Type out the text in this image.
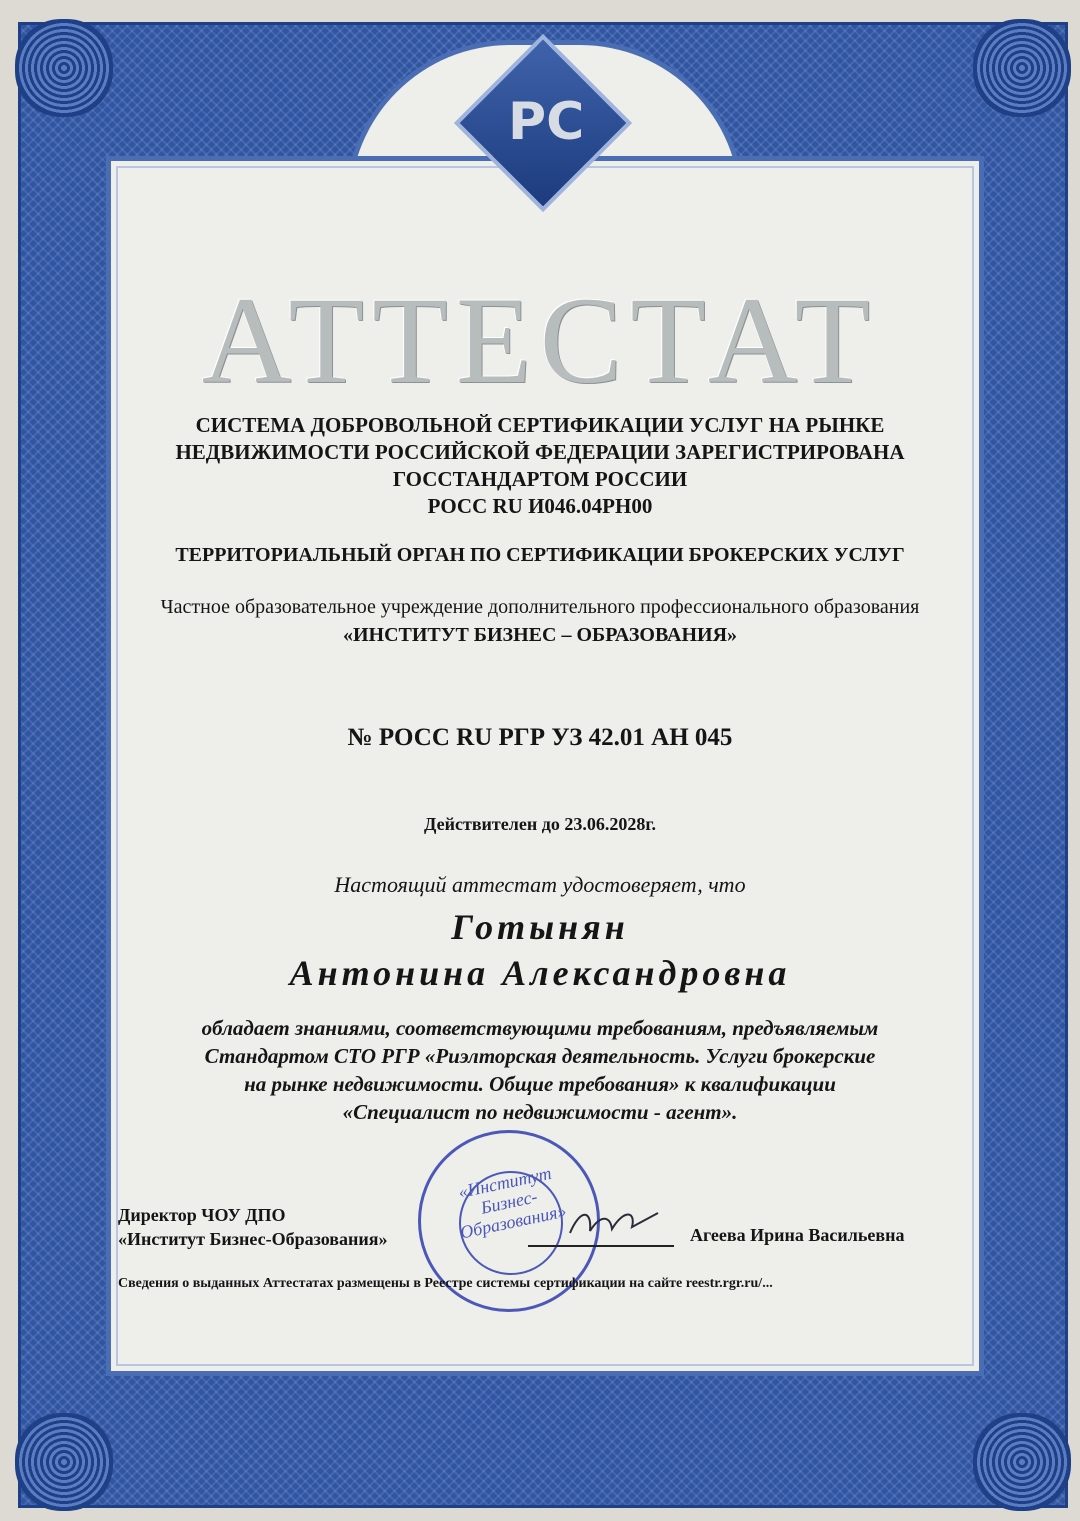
РС
АТТЕСТАТ
СИСТЕМА ДОБРОВОЛЬНОЙ СЕРТИФИКАЦИИ УСЛУГ НА РЫНКЕ
НЕДВИЖИМОСТИ РОССИЙСКОЙ ФЕДЕРАЦИИ ЗАРЕГИСТРИРОВАНА
ГОССТАНДАРТОМ РОССИИ
РОСС RU И046.04РН00
ТЕРРИТОРИАЛЬНЫЙ ОРГАН ПО СЕРТИФИКАЦИИ БРОКЕРСКИХ УСЛУГ
Частное образовательное учреждение дополнительного профессионального образования
«ИНСТИТУТ БИЗНЕС – ОБРАЗОВАНИЯ»
№ РОСС RU РГР УЗ 42.01 АН 045
Действителен до 23.06.2028г.
Настоящий аттестат удостоверяет, что
Готынян
Антонина Александровна
обладает знаниями, соответствующими требованиям, предъявляемым
Стандартом СТО РГР «Риэлторская деятельность. Услуги брокерские
на рынке недвижимости. Общие требования» к квалификации
«Специалист по недвижимости - агент».
«Институт Бизнес-Образования»
Директор ЧОУ ДПО
«Институт Бизнес-Образования»	Агеева Ирина Васильевна
Сведения о выданных Аттестатах размещены в Реестре системы сертификации на сайте reestr.rgr.ru/...
